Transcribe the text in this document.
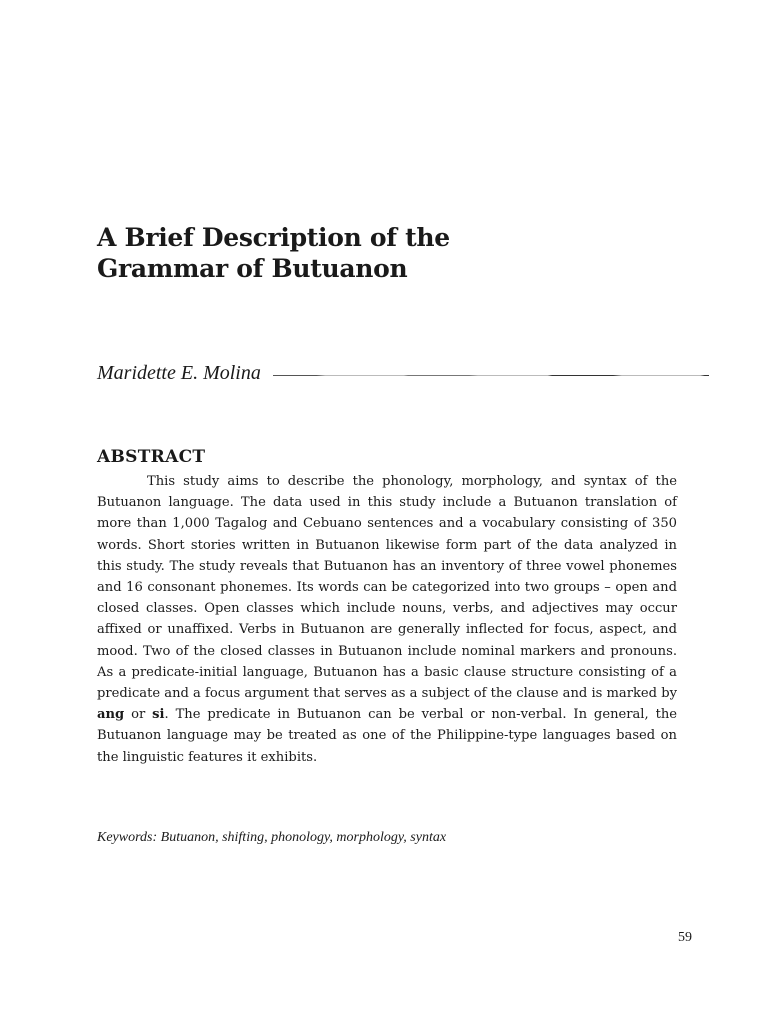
A Brief Description of the
Grammar of Butuanon
Maridette E. Molina
ABSTRACT

This study aims to describe the phonology, morphology, and syntax of the Butuanon language. The data used in this study include a Butuanon translation of more than 1,000 Tagalog and Cebuano sentences and a vocabulary consisting of 350 words. Short stories written in Butuanon likewise form part of the data analyzed in this study. The study reveals that Butuanon has an inventory of three vowel phonemes and 16 consonant phonemes. Its words can be categorized into two groups – open and closed classes. Open classes which include nouns, verbs, and adjectives may occur affixed or unaffixed. Verbs in Butuanon are generally inflected for focus, aspect, and mood. Two of the closed classes in Butuanon include nominal markers and pronouns. As a predicate-initial language, Butuanon has a basic clause structure consisting of a predicate and a focus argument that serves as a subject of the clause and is marked by ang or si. The predicate in Butuanon can be verbal or non-verbal. In general, the Butuanon language may be treated as one of the Philippine-type languages based on the linguistic features it exhibits.

Keywords: Butuanon, shifting, phonology, morphology, syntax
59
